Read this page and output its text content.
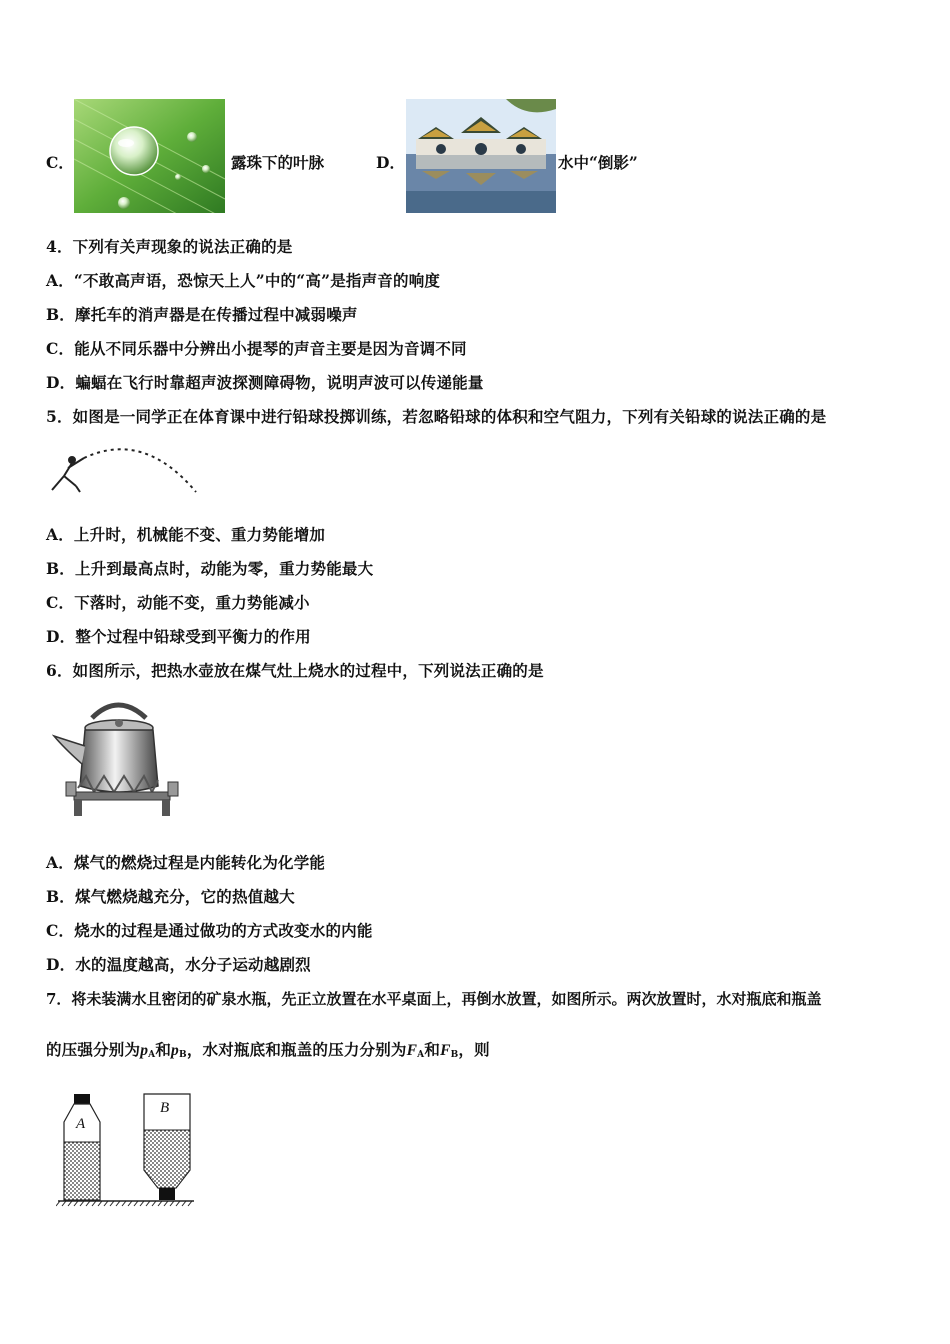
C．	露珠下的叶脉	D．	水中“倒影”
4．下列有关声现象的说法正确的是
A．“不敢高声语，恐惊天上人”中的“高”是指声音的响度
B．摩托车的消声器是在传播过程中减弱噪声
C．能从不同乐器中分辨出小提琴的声音主要是因为音调不同
D．蝙蝠在飞行时靠超声波探测障碍物，说明声波可以传递能量
5．如图是一同学正在体育课中进行铅球投掷训练，若忽略铅球的体积和空气阻力，下列有关铅球的说法正确的是
A．上升时，机械能不变、重力势能增加
B．上升到最高点时，动能为零，重力势能最大
C．下落时，动能不变，重力势能减小
D．整个过程中铅球受到平衡力的作用
6．如图所示，把热水壶放在煤气灶上烧水的过程中，下列说法正确的是
A．煤气的燃烧过程是内能转化为化学能
B．煤气燃烧越充分，它的热值越大
C．烧水的过程是通过做功的方式改变水的内能
D．水的温度越高，水分子运动越剧烈
7．将未装满水且密闭的矿泉水瓶，先正立放置在水平桌面上，再倒水放置，如图所示。两次放置时，水对瓶底和瓶盖
的压强分别为$p_A$和$p_B$，水对瓶底和瓶盖的压力分别为$F_A$和$F_B$，则
A
B
